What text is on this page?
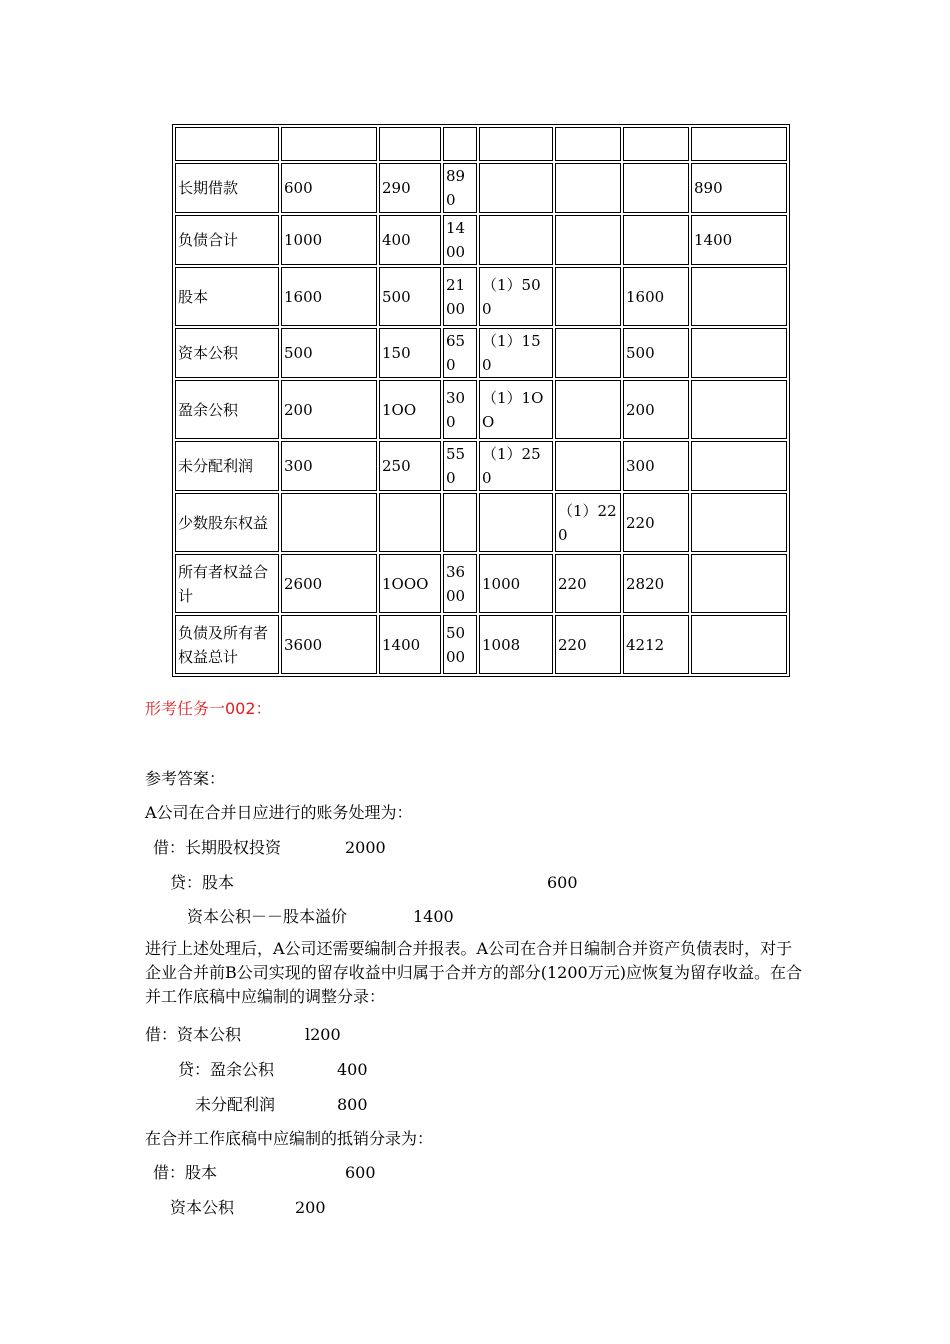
长期借款	600	290	890				890
负债合计	1000	400	1400				1400
股本	1600	500	2100	（1）500		1600	
资本公积	500	150	650	（1）150		500	
盈余公积	200	1OO	300	（1）1OO		200	
未分配利润	300	250	550	（1）250		300	
少数股东权益					（1）220	220	
所有者权益合计	2600	1OOO	3600	1000	220	2820	
负债及所有者权益总计	3600	1400	5000	1008	220	4212	

形考任务一002：

参考答案：

A公司在合并日应进行的账务处理为：

借：长期股权投资	2000

贷：股本	600

资本公积－－股本溢价	1400

进行上述处理后，A公司还需要编制合并报表。A公司在合并日编制合并资产负债表时，对于企业合并前B公司实现的留存收益中归属于合并方的部分(1200万元)应恢复为留存收益。在合并工作底稿中应编制的调整分录：

借：资本公积	l200

贷：盈余公积	400

未分配利润	800

在合并工作底稿中应编制的抵销分录为：

借：股本	600

资本公积	200
